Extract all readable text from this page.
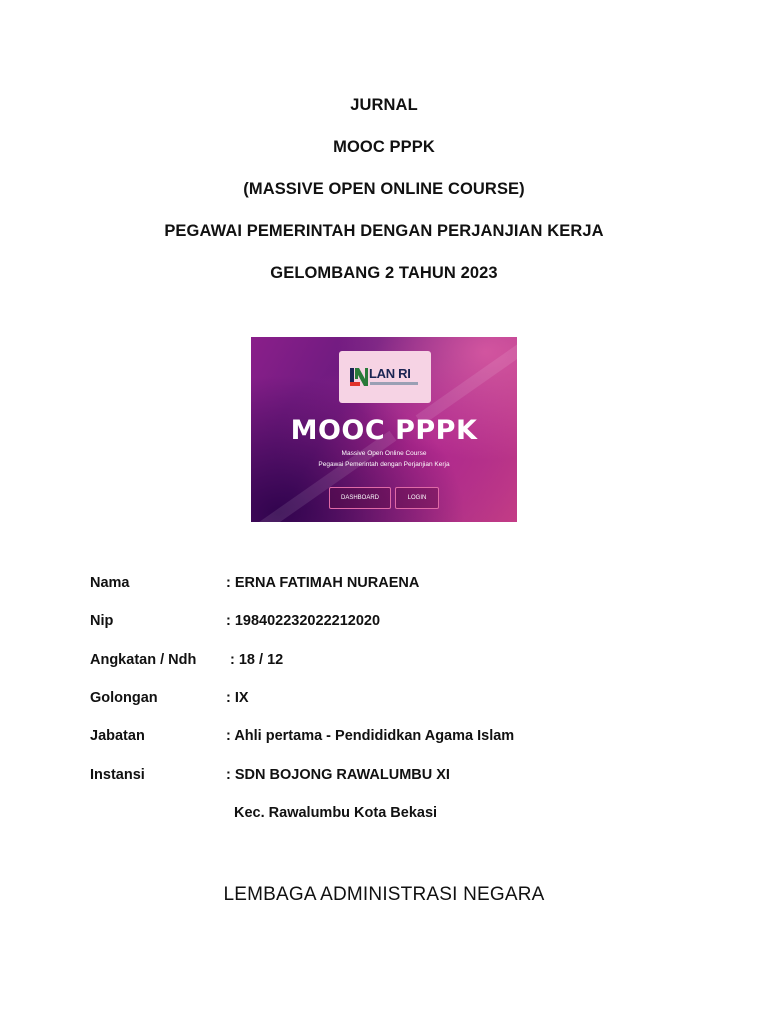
JURNAL
MOOC PPPK
(MASSIVE OPEN ONLINE COURSE)
PEGAWAI PEMERINTAH DENGAN PERJANJIAN KERJA
GELOMBANG 2 TAHUN 2023
LAN RI
MOOC PPPK
Massive Open Online Course
Pegawai Pemerintah dengan Perjanjian Kerja
DASHBOARD	LOGIN
Nama	: ERNA FATIMAH NURAENA
Nip	: 198402232022212020
Angkatan / Ndh : 18 / 12
Golongan	: IX
Jabatan	: Ahli pertama - Pendididkan Agama Islam
Instansi	: SDN BOJONG RAWALUMBU XI
Kec. Rawalumbu Kota Bekasi
LEMBAGA ADMINISTRASI NEGARA
